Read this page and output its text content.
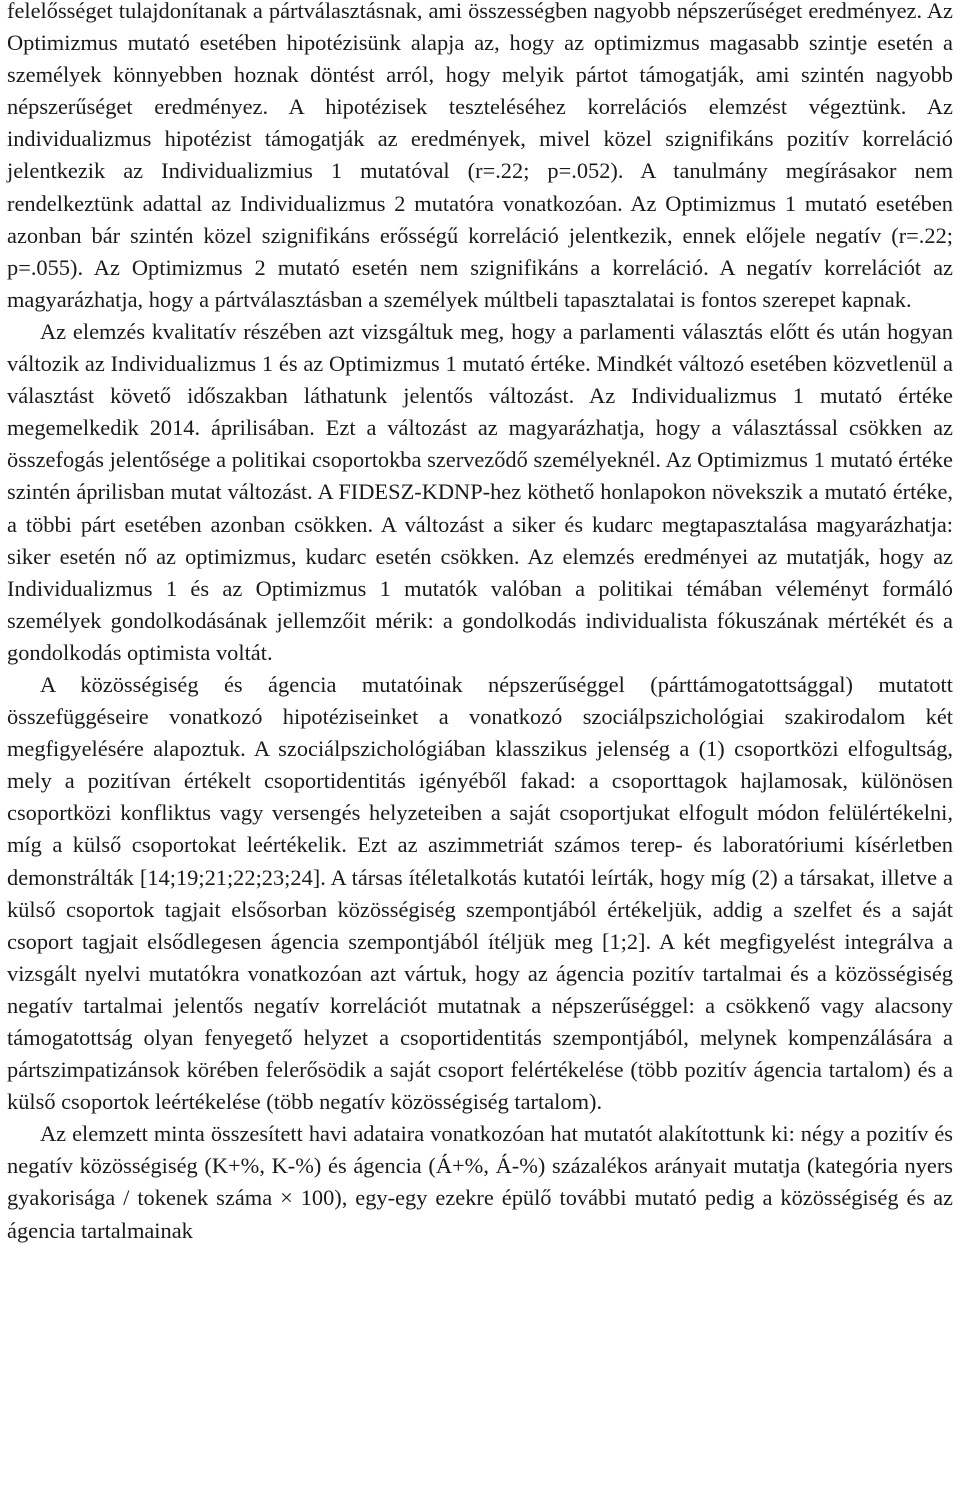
felelősséget tulajdonítanak a pártválasztásnak, ami összességben nagyobb népszerűséget eredményez. Az Optimizmus mutató esetében hipotézisünk alapja az, hogy az optimizmus magasabb szintje esetén a személyek könnyebben hoznak döntést arról, hogy melyik pártot támogatják, ami szintén nagyobb népszerűséget eredményez. A hipotézisek teszteléséhez korrelációs elemzést végeztünk. Az individualizmus hipotézist támogatják az eredmények, mivel közel szignifikáns pozitív korreláció jelentkezik az Individualizmius 1 mutatóval (r=.22; p=.052). A tanulmány megírásakor nem rendelkeztünk adattal az Individualizmus 2 mutatóra vonatkozóan. Az Optimizmus 1 mutató esetében azonban bár szintén közel szignifikáns erősségű korreláció jelentkezik, ennek előjele negatív (r=.22; p=.055). Az Optimizmus 2 mutató esetén nem szignifikáns a korreláció. A negatív korrelációt az magyarázhatja, hogy a pártválasztásban a személyek múltbeli tapasztalatai is fontos szerepet kapnak.

Az elemzés kvalitatív részében azt vizsgáltuk meg, hogy a parlamenti választás előtt és után hogyan változik az Individualizmus 1 és az Optimizmus 1 mutató értéke. Mindkét változó esetében közvetlenül a választást követő időszakban láthatunk jelentős változást. Az Individualizmus 1 mutató értéke megemelkedik 2014. áprilisában. Ezt a változást az magyarázhatja, hogy a választással csökken az összefogás jelentősége a politikai csoportokba szerveződő személyeknél. Az Optimizmus 1 mutató értéke szintén áprilisban mutat változást. A FIDESZ-KDNP-hez köthető honlapokon növekszik a mutató értéke, a többi párt esetében azonban csökken. A változást a siker és kudarc megtapasztalása magyarázhatja: siker esetén nő az optimizmus, kudarc esetén csökken. Az elemzés eredményei az mutatják, hogy az Individualizmus 1 és az Optimizmus 1 mutatók valóban a politikai témában véleményt formáló személyek gondolkodásának jellemzőit mérik: a gondolkodás individualista fókuszának mértékét és a gondolkodás optimista voltát.

A közösségiség és ágencia mutatóinak népszerűséggel (párttámogatottsággal) mutatott összefüggéseire vonatkozó hipotéziseinket a vonatkozó szociálpszichológiai szakirodalom két megfigyelésére alapoztuk. A szociálpszichológiában klasszikus jelenség a (1) csoportközi elfogultság, mely a pozitívan értékelt csoportidentitás igényéből fakad: a csoporttagok hajlamosak, különösen csoportközi konfliktus vagy versengés helyzeteiben a saját csoportjukat elfogult módon felülértékelni, míg a külső csoportokat leértékelik. Ezt az aszimmetriát számos terep- és laboratóriumi kísérletben demonstrálták [14;19;21;22;23;24]. A társas ítéletalkotás kutatói leírták, hogy míg (2) a társakat, illetve a külső csoportok tagjait elsősorban közösségiség szempontjából értékeljük, addig a szelfet és a saját csoport tagjait elsődlegesen ágencia szempontjából ítéljük meg [1;2]. A két megfigyelést integrálva a vizsgált nyelvi mutatókra vonatkozóan azt vártuk, hogy az ágencia pozitív tartalmai és a közösségiség negatív tartalmai jelentős negatív korrelációt mutatnak a népszerűséggel: a csökkenő vagy alacsony támogatottság olyan fenyegető helyzet a csoportidentitás szempontjából, melynek kompenzálására a pártszimpatizánsok körében felerősödik a saját csoport felértékelése (több pozitív ágencia tartalom) és a külső csoportok leértékelése (több negatív közösségiség tartalom).

Az elemzett minta összesített havi adataira vonatkozóan hat mutatót alakítottunk ki: négy a pozitív és negatív közösségiség (K+%, K-%) és ágencia (Á+%, Á-%) százalékos arányait mutatja (kategória nyers gyakorisága / tokenek száma × 100), egy-egy ezekre épülő további mutató pedig a közösségiség és az ágencia tartalmainak
